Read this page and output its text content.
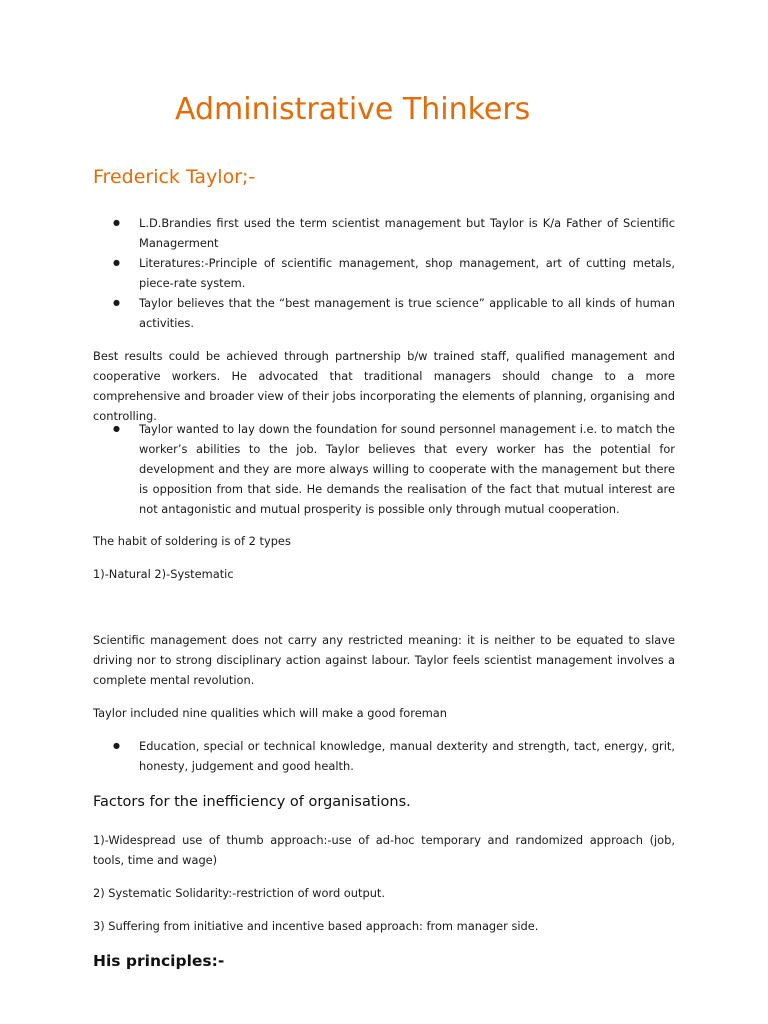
Administrative Thinkers
Frederick Taylor;-
● L.D.Brandies first used the term scientist management but Taylor is K/a Father of Scientific Managerment
● Literatures:-Principle of scientific management, shop management, art of cutting metals, piece-rate system.
● Taylor believes that the “best management is true science” applicable to all kinds of human activities.

Best results could be achieved through partnership b/w trained staff, qualified management and cooperative workers. He advocated that traditional managers should change to a more comprehensive and broader view of their jobs incorporating the elements of planning, organising and controlling.

● Taylor wanted to lay down the foundation for sound personnel management i.e. to match the worker’s abilities to the job. Taylor believes that every worker has the potential for development and they are more always willing to cooperate with the management but there is opposition from that side. He demands the realisation of the fact that mutual interest are not antagonistic and mutual prosperity is possible only through mutual cooperation.

The habit of soldering is of 2 types

1)-Natural 2)-Systematic

Scientific management does not carry any restricted meaning: it is neither to be equated to slave driving nor to strong disciplinary action against labour. Taylor feels scientist management involves a complete mental revolution.

Taylor included nine qualities which will make a good foreman

● Education, special or technical knowledge, manual dexterity and strength, tact, energy, grit, honesty, judgement and good health.
Factors for the inefficiency of organisations.

1)-Widespread use of thumb approach:-use of ad-hoc temporary and randomized approach (job, tools, time and wage)

2) Systematic Solidarity:-restriction of word output.

3) Suffering from initiative and incentive based approach: from manager side.

His principles:-
